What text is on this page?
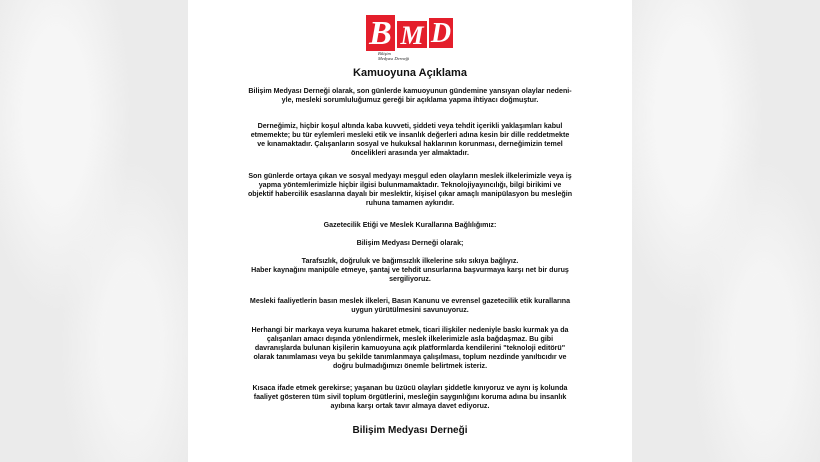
B M D
Bilişim
Medyası Derneği
Kamuoyuna Açıklama
Bilişim Medyası Derneği olarak, son günlerde kamuoyunun gündemine yansıyan olaylar nedeni-
yle, mesleki sorumluluğumuz gereği bir açıklama yapma ihtiyacı doğmuştur.
Derneğimiz, hiçbir koşul altında kaba kuvveti, şiddeti veya tehdit içerikli yaklaşımları kabul
etmemekte; bu tür eylemleri mesleki etik ve insanlık değerleri adına kesin bir dille reddetmekte
ve kınamaktadır. Çalışanların sosyal ve hukuksal haklarının korunması, derneğimizin temel
öncelikleri arasında yer almaktadır.
Son günlerde ortaya çıkan ve sosyal medyayı meşgul eden olayların meslek ilkelerimizle veya iş
yapma yöntemlerimizle hiçbir ilgisi bulunmamaktadır. Teknolojiyayıncılığı, bilgi birikimi ve
objektif habercilik esaslarına dayalı bir meslektir, kişisel çıkar amaçlı manipülasyon bu mesleğin
ruhuna tamamen aykırıdır.
Gazetecilik Etiği ve Meslek Kurallarına Bağlılığımız:
Bilişim Medyası Derneği olarak;
Tarafsızlık, doğruluk ve bağımsızlık ilkelerine sıkı sıkıya bağlıyız.
Haber kaynağını manipüle etmeye, şantaj ve tehdit unsurlarına başvurmaya karşı net bir duruş
sergiliyoruz.
Mesleki faaliyetlerin basın meslek ilkeleri, Basın Kanunu ve evrensel gazetecilik etik kurallarına
uygun yürütülmesini savunuyoruz.
Herhangi bir markaya veya kuruma hakaret etmek, ticari ilişkiler nedeniyle baskı kurmak ya da
çalışanları amacı dışında yönlendirmek, meslek ilkelerimizle asla bağdaşmaz. Bu gibi
davranışlarda bulunan kişilerin kamuoyuna açık platformlarda kendilerini "teknoloji editörü"
olarak tanımlaması veya bu şekilde tanımlanmaya çalışılması, toplum nezdinde yanıltıcıdır ve
doğru bulmadığımızı önemle belirtmek isteriz.
Kısaca ifade etmek gerekirse; yaşanan bu üzücü olayları şiddetle kınıyoruz ve aynı iş kolunda
faaliyet gösteren tüm sivil toplum örgütlerini, mesleğin saygınlığını koruma adına bu insanlık
ayıbına karşı ortak tavır almaya davet ediyoruz.
Bilişim Medyası Derneği
